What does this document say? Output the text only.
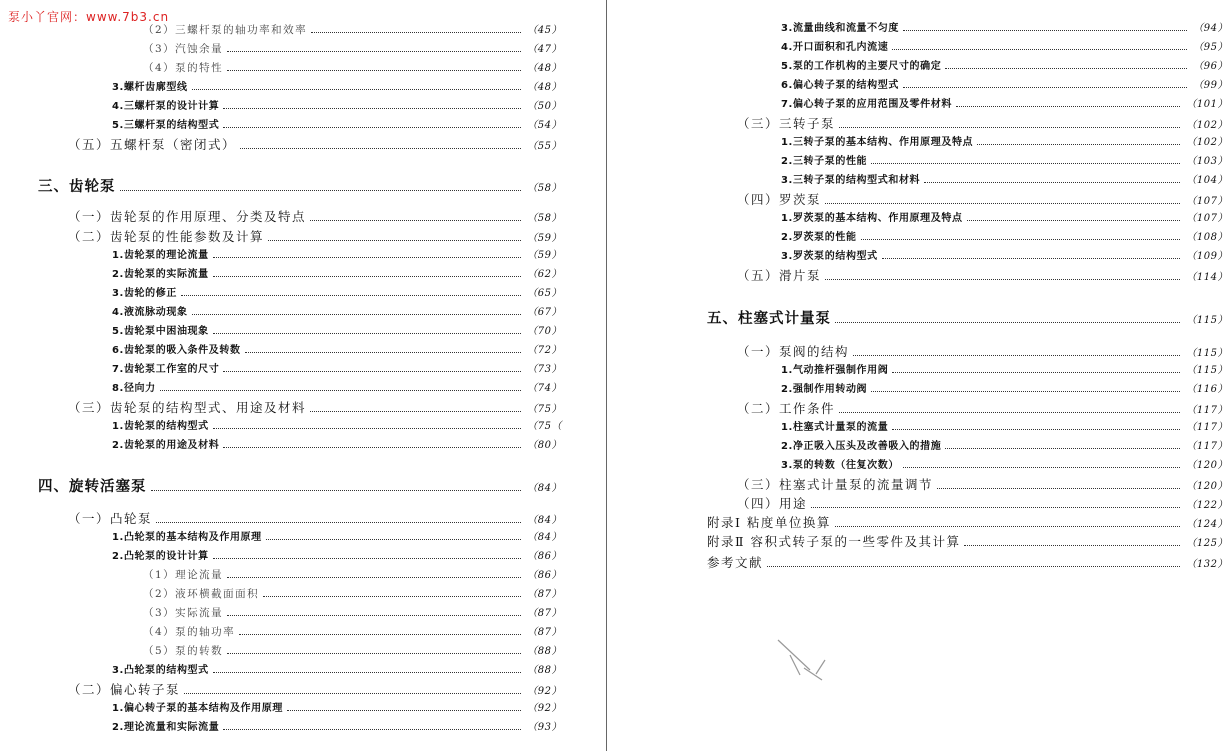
泵小丫官网：www.7b3.cn
（2）三螺杆泵的轴功率和效率	（45）
（3）汽蚀余量	（47）
（4）泵的特性	（48）
3.螺杆齿廓型线	（48）
4.三螺杆泵的设计计算	（50）
5.三螺杆泵的结构型式	（54）
（五）五螺杆泵（密闭式）	（55）
三、齿轮泵	（58）
（一）齿轮泵的作用原理、分类及特点	（58）
（二）齿轮泵的性能参数及计算	（59）
1.齿轮泵的理论流量	（59）
2.齿轮泵的实际流量	（62）
3.齿轮的修正	（65）
4.液流脉动现象	（67）
5.齿轮泵中困油现象	（70）
6.齿轮泵的吸入条件及转数	（72）
7.齿轮泵工作室的尺寸	（73）
8.径向力	（74）
（三）齿轮泵的结构型式、用途及材料	（75）
1.齿轮泵的结构型式	（75（
2.齿轮泵的用途及材料	（80）
四、旋转活塞泵	（84）
（一）凸轮泵	（84）
1.凸轮泵的基本结构及作用原理	（84）
2.凸轮泵的设计计算	（86）
（1）理论流量	（86）
（2）液环横截面面积	（87）
（3）实际流量	（87）
（4）泵的轴功率	（87）
（5）泵的转数	（88）
3.凸轮泵的结构型式	（88）
（二）偏心转子泵	（92）
1.偏心转子泵的基本结构及作用原理	（92）
2.理论流量和实际流量	（93）
3.流量曲线和流量不匀度	（94）
4.开口面积和孔内流速	（95）
5.泵的工作机构的主要尺寸的确定	（96）
6.偏心转子泵的结构型式	（99）
7.偏心转子泵的应用范围及零件材料	（101）
（三）三转子泵	（102）
1.三转子泵的基本结构、作用原理及特点	（102）
2.三转子泵的性能	（103）
3.三转子泵的结构型式和材料	（104）
（四）罗茨泵	（107）
1.罗茨泵的基本结构、作用原理及特点	（107）
2.罗茨泵的性能	（108）
3.罗茨泵的结构型式	（109）
（五）滑片泵	（114）
五、柱塞式计量泵	（115）
（一）泵阀的结构	（115）
1.气动推杆强制作用阀	（115）
2.强制作用转动阀	（116）
（二）工作条件	（117）
1.柱塞式计量泵的流量	（117）
2.净正吸入压头及改善吸入的措施	（117）
3.泵的转数（往复次数）	（120）
（三）柱塞式计量泵的流量调节	（120）
（四）用途	（122）
附录Ⅰ 粘度单位换算	（124）
附录Ⅱ 容积式转子泵的一些零件及其计算	（125）
参考文献	（132）
